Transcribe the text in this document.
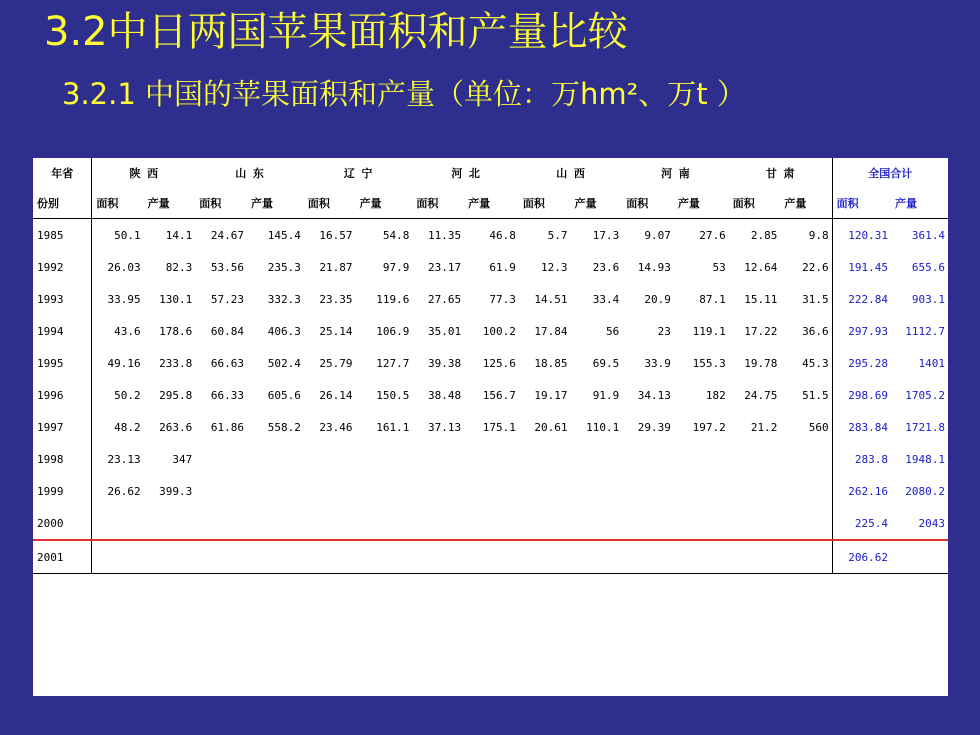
3.2中日两国苹果面积和产量比较
3.2.1 中国的苹果面积和产量（单位：万hm²、万t ）
年省	陕 西		山 东		辽 宁		河 北		山 西		河 南		甘 肃		全国合计	
份别	面积	产量	面积	产量	面积	产量	面积	产量	面积	产量	面积	产量	面积	产量	面积	产量
1985	50.1	14.1	24.67	145.4	16.57	54.8	11.35	46.8	5.7	17.3	9.07	27.6	2.85	9.8	120.31	361.4
1992	26.03	82.3	53.56	235.3	21.87	97.9	23.17	61.9	12.3	23.6	14.93	53	12.64	22.6	191.45	655.6
1993	33.95	130.1	57.23	332.3	23.35	119.6	27.65	77.3	14.51	33.4	20.9	87.1	15.11	31.5	222.84	903.1
1994	43.6	178.6	60.84	406.3	25.14	106.9	35.01	100.2	17.84	56	23	119.1	17.22	36.6	297.93	1112.7
1995	49.16	233.8	66.63	502.4	25.79	127.7	39.38	125.6	18.85	69.5	33.9	155.3	19.78	45.3	295.28	1401
1996	50.2	295.8	66.33	605.6	26.14	150.5	38.48	156.7	19.17	91.9	34.13	182	24.75	51.5	298.69	1705.2
1997	48.2	263.6	61.86	558.2	23.46	161.1	37.13	175.1	20.61	110.1	29.39	197.2	21.2	560	283.84	1721.8
1998	23.13	347													283.8	1948.1
1999	26.62	399.3													262.16	2080.2
2000															225.4	2043
2001															206.62	
